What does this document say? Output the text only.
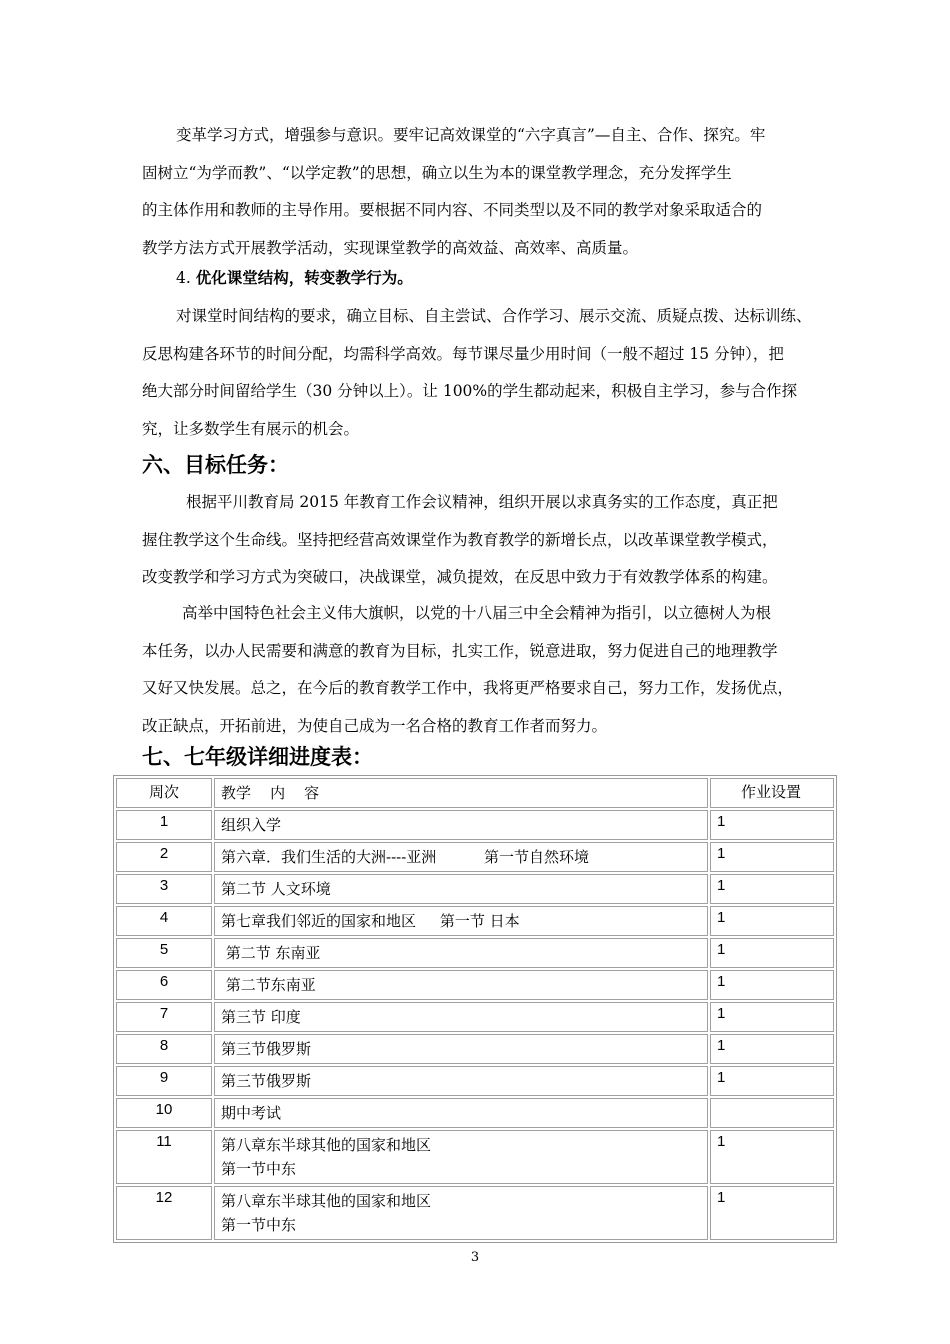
变革学习方式，增强参与意识。要牢记高效课堂的“六字真言”—自主、合作、探究。牢
固树立“为学而教”、“以学定教”的思想，确立以生为本的课堂教学理念，充分发挥学生
的主体作用和教师的主导作用。要根据不同内容、不同类型以及不同的教学对象采取适合的
教学方法方式开展教学活动，实现课堂教学的高效益、高效率、高质量。

4. 优化课堂结构，转变教学行为。

对课堂时间结构的要求，确立目标、自主尝试、合作学习、展示交流、质疑点拨、达标训练、
反思构建各环节的时间分配，均需科学高效。每节课尽量少用时间（一般不超过 15 分钟），把
绝大部分时间留给学生（30 分钟以上）。让 100%的学生都动起来，积极自主学习，参与合作探
究，让多数学生有展示的机会。
六、目标任务：
根据平川教育局 2015 年教育工作会议精神，组织开展以求真务实的工作态度，真正把
握住教学这个生命线。坚持把经营高效课堂作为教育教学的新增长点，以改革课堂教学模式，
改变教学和学习方式为突破口，决战课堂，减负提效，在反思中致力于有效教学体系的构建。
高举中国特色社会主义伟大旗帜，以党的十八届三中全会精神为指引，以立德树人为根
本任务，以办人民需要和满意的教育为目标，扎实工作，锐意进取，努力促进自己的地理教学
又好又快发展。总之，在今后的教育教学工作中，我将更严格要求自己，努力工作，发扬优点，
改正缺点，开拓前进，为使自己成为一名合格的教育工作者而努力。
七、七年级详细进度表：
周次	教学    内    容	作业设置
1	组织入学	1
2	第六章．我们生活的大洲----亚洲          第一节自然环境	1
3	第二节 人文环境	1
4	第七章我们邻近的国家和地区     第一节 日本	1
5	第二节 东南亚	1
6	第二节东南亚	1
7	第三节 印度	1
8	第三节俄罗斯	1
9	第三节俄罗斯	1
10	期中考试	

11	第八章东半球其他的国家和地区
第一节中东	1
12	第八章东半球其他的国家和地区
第一节中东	1
3
